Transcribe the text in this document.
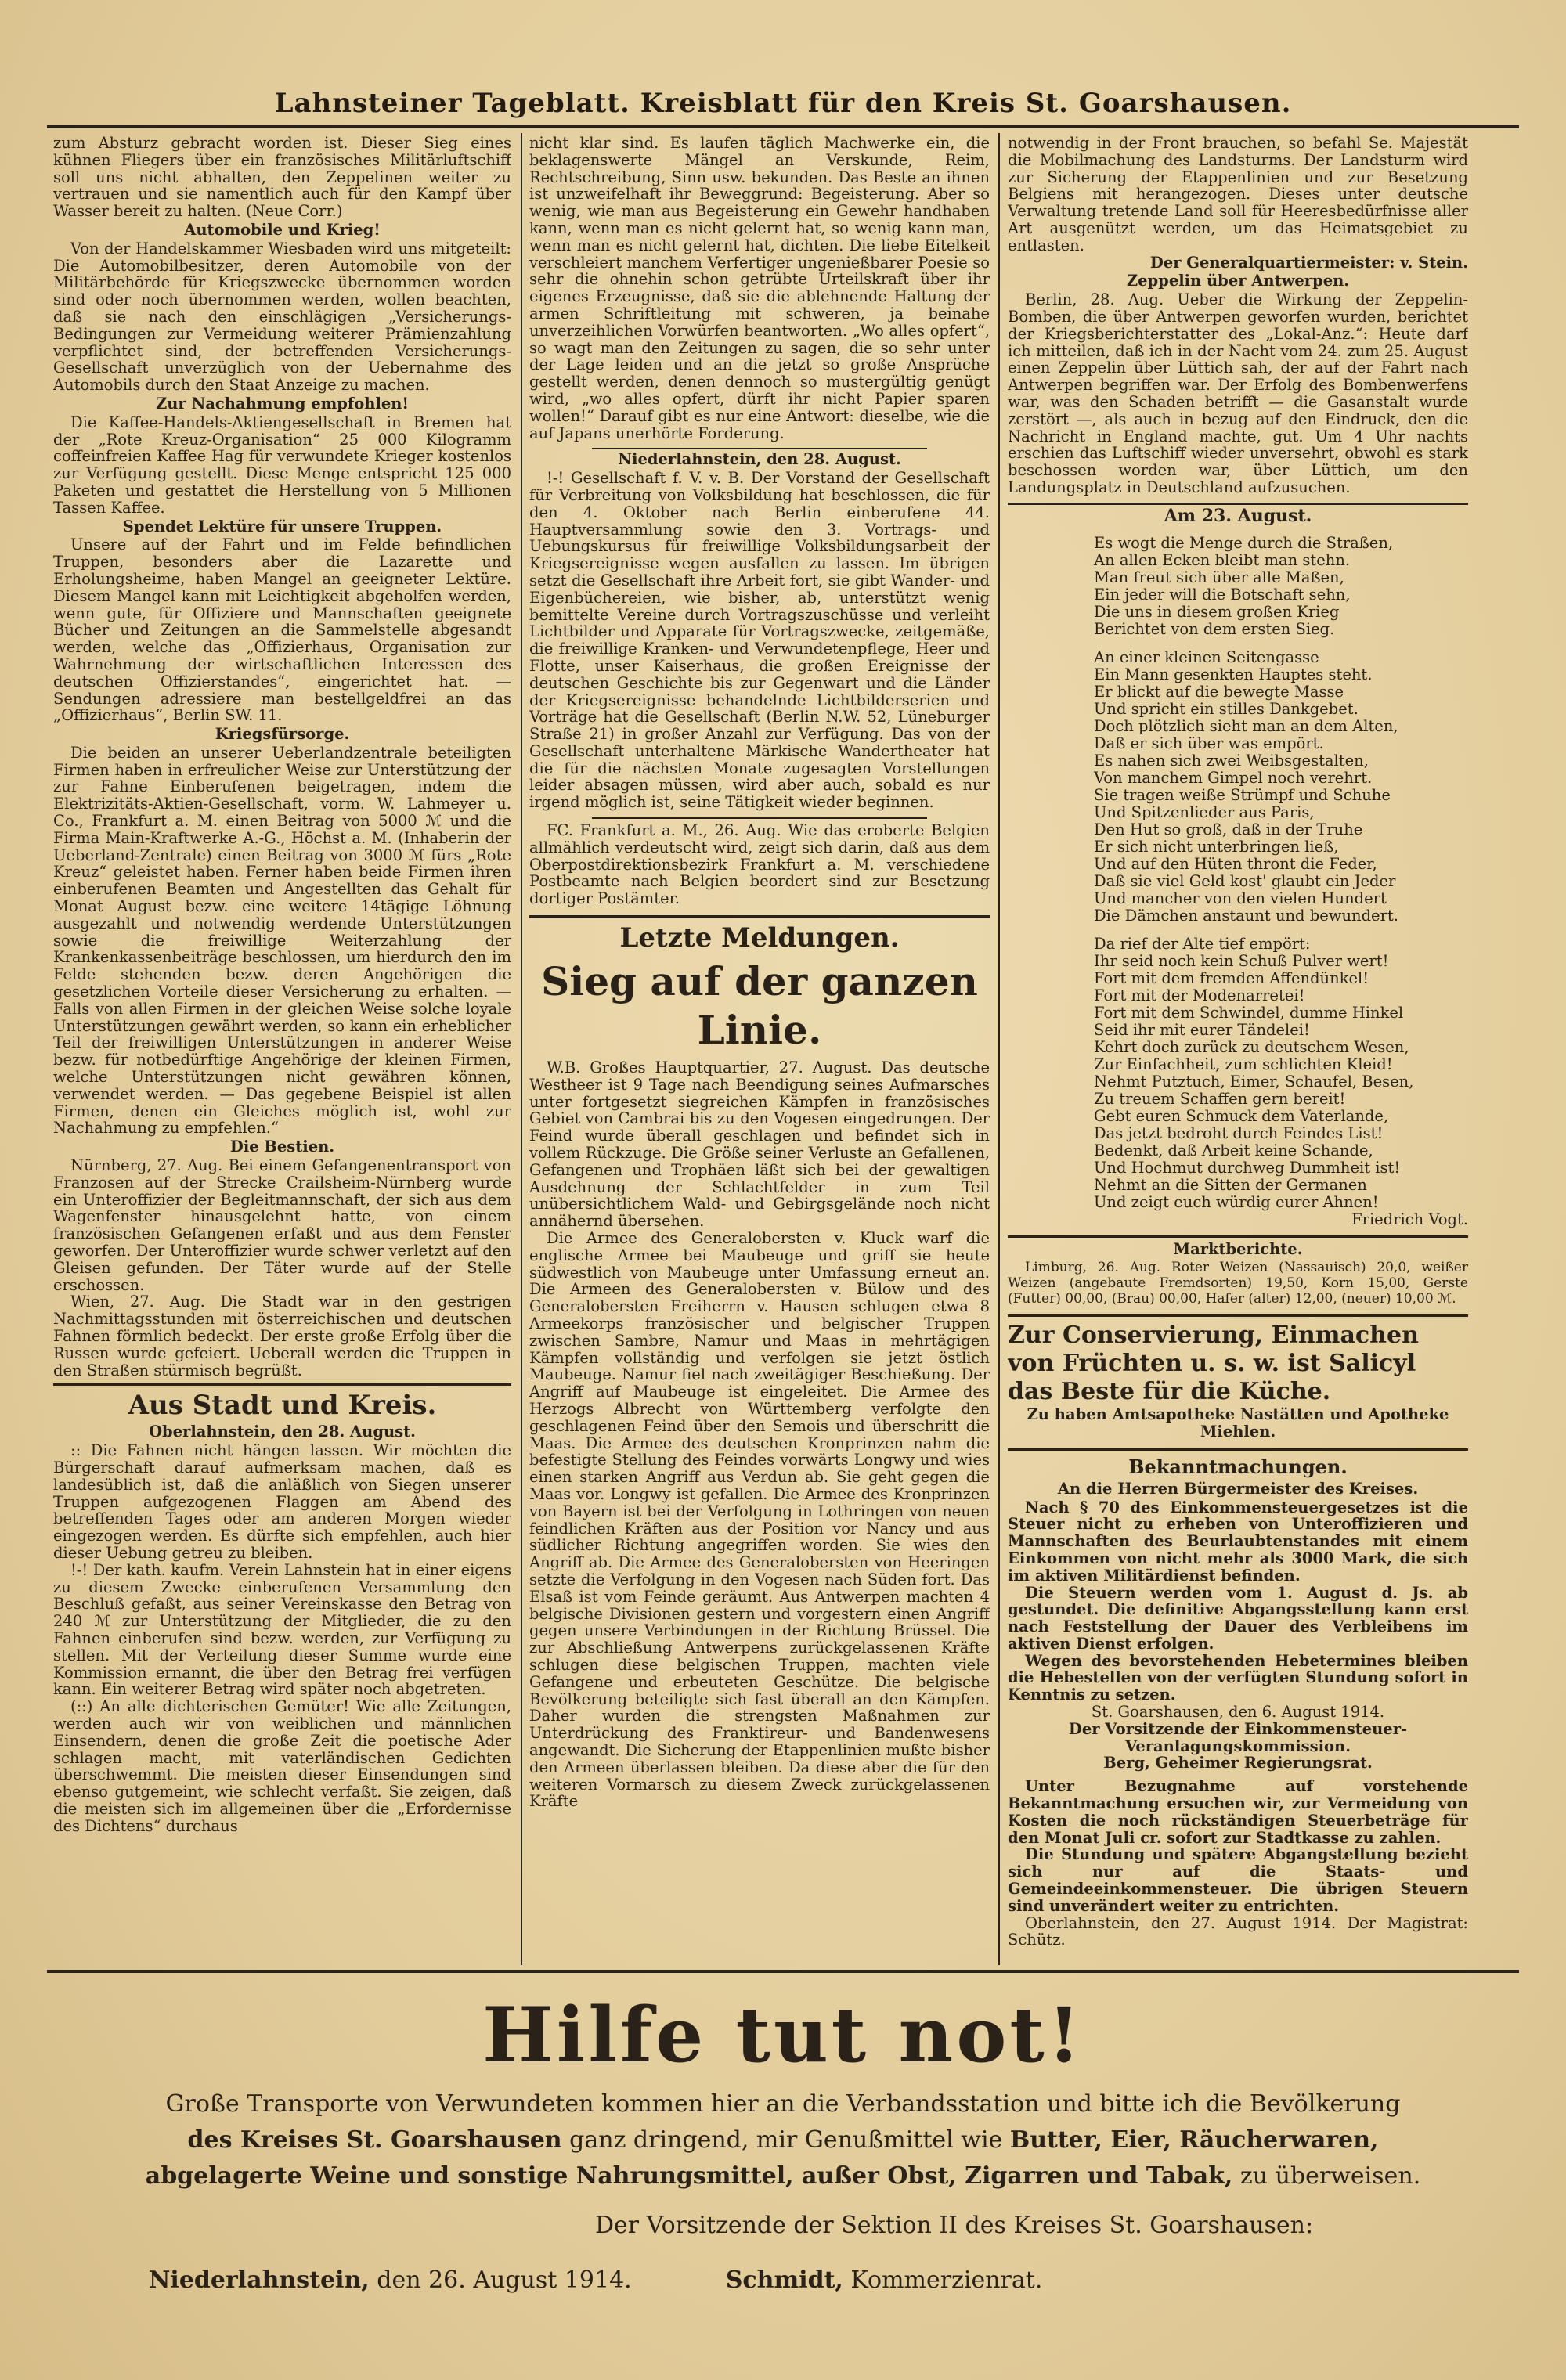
Lahnsteiner Tageblatt. Kreisblatt für den Kreis St. Goarshausen.

zum Absturz gebracht worden ist. Dieser Sieg eines kühnen Fliegers über ein französisches Militärluftschiff soll uns nicht abhalten, den Zeppelinen weiter zu vertrauen und sie namentlich auch für den Kampf über Wasser bereit zu halten. (Neue Corr.)

Automobile und Krieg!

Von der Handelskammer Wiesbaden wird uns mitgeteilt: Die Automobilbesitzer, deren Automobile von der Militärbehörde für Kriegszwecke übernommen worden sind oder noch übernommen werden, wollen beachten, daß sie nach den einschlägigen „Versicherungs-Bedingungen zur Vermeidung weiterer Prämienzahlung verpflichtet sind, der betreffenden Versicherungs-Gesellschaft unverzüglich von der Uebernahme des Automobils durch den Staat Anzeige zu machen.

Zur Nachahmung empfohlen!

Die Kaffee-Handels-Aktiengesellschaft in Bremen hat der „Rote Kreuz-Organisation“ 25 000 Kilogramm coffeinfreien Kaffee Hag für verwundete Krieger kostenlos zur Verfügung gestellt. Diese Menge entspricht 125 000 Paketen und gestattet die Herstellung von 5 Millionen Tassen Kaffee.

Spendet Lektüre für unsere Truppen.

Unsere auf der Fahrt und im Felde befindlichen Truppen, besonders aber die Lazarette und Erholungsheime, haben Mangel an geeigneter Lektüre. Diesem Mangel kann mit Leichtigkeit abgeholfen werden, wenn gute, für Offiziere und Mannschaften geeignete Bücher und Zeitungen an die Sammelstelle abgesandt werden, welche das „Offizierhaus, Organisation zur Wahrnehmung der wirtschaftlichen Interessen des deutschen Offizierstandes“, eingerichtet hat. — Sendungen adressiere man bestellgeldfrei an das „Offizierhaus“, Berlin SW. 11.

Kriegsfürsorge.

Die beiden an unserer Ueberlandzentrale beteiligten Firmen haben in erfreulicher Weise zur Unterstützung der zur Fahne Einberufenen beigetragen, indem die Elektrizitäts-Aktien-Gesellschaft, vorm. W. Lahmeyer u. Co., Frankfurt a. M. einen Beitrag von 5000 ℳ und die Firma Main-Kraftwerke A.-G., Höchst a. M. (Inhaberin der Ueberland-Zentrale) einen Beitrag von 3000 ℳ fürs „Rote Kreuz“ geleistet haben. Ferner haben beide Firmen ihren einberufenen Beamten und Angestellten das Gehalt für Monat August bezw. eine weitere 14tägige Löhnung ausgezahlt und notwendig werdende Unterstützungen sowie die freiwillige Weiterzahlung der Krankenkassenbeiträge beschlossen, um hierdurch den im Felde stehenden bezw. deren Angehörigen die gesetzlichen Vorteile dieser Versicherung zu erhalten. — Falls von allen Firmen in der gleichen Weise solche loyale Unterstützungen gewährt werden, so kann ein erheblicher Teil der freiwilligen Unterstützungen in anderer Weise bezw. für notbedürftige Angehörige der kleinen Firmen, welche Unterstützungen nicht gewähren können, verwendet werden. — Das gegebene Beispiel ist allen Firmen, denen ein Gleiches möglich ist, wohl zur Nachahmung zu empfehlen.“

Die Bestien.

Nürnberg, 27. Aug. Bei einem Gefangenentransport von Franzosen auf der Strecke Crailsheim-Nürnberg wurde ein Unteroffizier der Begleitmannschaft, der sich aus dem Wagenfenster hinausgelehnt hatte, von einem französischen Gefangenen erfaßt und aus dem Fenster geworfen. Der Unteroffizier wurde schwer verletzt auf den Gleisen gefunden. Der Täter wurde auf der Stelle erschossen.

Wien, 27. Aug. Die Stadt war in den gestrigen Nachmittagsstunden mit österreichischen und deutschen Fahnen förmlich bedeckt. Der erste große Erfolg über die Russen wurde gefeiert. Ueberall werden die Truppen in den Straßen stürmisch begrüßt.

Aus Stadt und Kreis.

Oberlahnstein, den 28. August.

:: Die Fahnen nicht hängen lassen. Wir möchten die Bürgerschaft darauf aufmerksam machen, daß es landesüblich ist, daß die anläßlich von Siegen unserer Truppen aufgezogenen Flaggen am Abend des betreffenden Tages oder am anderen Morgen wieder eingezogen werden. Es dürfte sich empfehlen, auch hier dieser Uebung getreu zu bleiben.

!-! Der kath. kaufm. Verein Lahnstein hat in einer eigens zu diesem Zwecke einberufenen Versammlung den Beschluß gefaßt, aus seiner Vereinskasse den Betrag von 240 ℳ zur Unterstützung der Mitglieder, die zu den Fahnen einberufen sind bezw. werden, zur Verfügung zu stellen. Mit der Verteilung dieser Summe wurde eine Kommission ernannt, die über den Betrag frei verfügen kann. Ein weiterer Betrag wird später noch abgetreten.

(::) An alle dichterischen Gemüter! Wie alle Zeitungen, werden auch wir von weiblichen und männlichen Einsendern, denen die große Zeit die poetische Ader schlagen macht, mit vaterländischen Gedichten überschwemmt. Die meisten dieser Einsendungen sind ebenso gutgemeint, wie schlecht verfaßt. Sie zeigen, daß die meisten sich im allgemeinen über die „Erfordernisse des Dichtens“ durchaus

nicht klar sind. Es laufen täglich Machwerke ein, die beklagenswerte Mängel an Verskunde, Reim, Rechtschreibung, Sinn usw. bekunden. Das Beste an ihnen ist unzweifelhaft ihr Beweggrund: Begeisterung. Aber so wenig, wie man aus Begeisterung ein Gewehr handhaben kann, wenn man es nicht gelernt hat, so wenig kann man, wenn man es nicht gelernt hat, dichten. Die liebe Eitelkeit verschleiert manchem Verfertiger ungenießbarer Poesie so sehr die ohnehin schon getrübte Urteilskraft über ihr eigenes Erzeugnisse, daß sie die ablehnende Haltung der armen Schriftleitung mit schweren, ja beinahe unverzeihlichen Vorwürfen beantworten. „Wo alles opfert“, so wagt man den Zeitungen zu sagen, die so sehr unter der Lage leiden und an die jetzt so große Ansprüche gestellt werden, denen dennoch so mustergültig genügt wird, „wo alles opfert, dürft ihr nicht Papier sparen wollen!“ Darauf gibt es nur eine Antwort: dieselbe, wie die auf Japans unerhörte Forderung.

Niederlahnstein, den 28. August.

!-! Gesellschaft f. V. v. B. Der Vorstand der Gesellschaft für Verbreitung von Volksbildung hat beschlossen, die für den 4. Oktober nach Berlin einberufene 44. Hauptversammlung sowie den 3. Vortrags- und Uebungskursus für freiwillige Volksbildungsarbeit der Kriegsereignisse wegen ausfallen zu lassen. Im übrigen setzt die Gesellschaft ihre Arbeit fort, sie gibt Wander- und Eigenbüchereien, wie bisher, ab, unterstützt wenig bemittelte Vereine durch Vortragszuschüsse und verleiht Lichtbilder und Apparate für Vortragszwecke, zeitgemäße, die freiwillige Kranken- und Verwundetenpflege, Heer und Flotte, unser Kaiserhaus, die großen Ereignisse der deutschen Geschichte bis zur Gegenwart und die Länder der Kriegsereignisse behandelnde Lichtbilderserien und Vorträge hat die Gesellschaft (Berlin N.W. 52, Lüneburger Straße 21) in großer Anzahl zur Verfügung. Das von der Gesellschaft unterhaltene Märkische Wandertheater hat die für die nächsten Monate zugesagten Vorstellungen leider absagen müssen, wird aber auch, sobald es nur irgend möglich ist, seine Tätigkeit wieder beginnen.

FC. Frankfurt a. M., 26. Aug. Wie das eroberte Belgien allmählich verdeutscht wird, zeigt sich darin, daß aus dem Oberpostdirektionsbezirk Frankfurt a. M. verschiedene Postbeamte nach Belgien beordert sind zur Besetzung dortiger Postämter.

Letzte Meldungen.

Sieg auf der ganzen Linie.

W.B. Großes Hauptquartier, 27. August. Das deutsche Westheer ist 9 Tage nach Beendigung seines Aufmarsches unter fortgesetzt siegreichen Kämpfen in französisches Gebiet von Cambrai bis zu den Vogesen eingedrungen. Der Feind wurde überall geschlagen und befindet sich in vollem Rückzuge. Die Größe seiner Verluste an Gefallenen, Gefangenen und Trophäen läßt sich bei der gewaltigen Ausdehnung der Schlachtfelder in zum Teil unübersichtlichem Wald- und Gebirgsgelände noch nicht annähernd übersehen.

Die Armee des Generalobersten v. Kluck warf die englische Armee bei Maubeuge und griff sie heute südwestlich von Maubeuge unter Umfassung erneut an. Die Armeen des Generalobersten v. Bülow und des Generalobersten Freiherrn v. Hausen schlugen etwa 8 Armeekorps französischer und belgischer Truppen zwischen Sambre, Namur und Maas in mehrtägigen Kämpfen vollständig und verfolgen sie jetzt östlich Maubeuge. Namur fiel nach zweitägiger Beschießung. Der Angriff auf Maubeuge ist eingeleitet. Die Armee des Herzogs Albrecht von Württemberg verfolgte den geschlagenen Feind über den Semois und überschritt die Maas. Die Armee des deutschen Kronprinzen nahm die befestigte Stellung des Feindes vorwärts Longwy und wies einen starken Angriff aus Verdun ab. Sie geht gegen die Maas vor. Longwy ist gefallen. Die Armee des Kronprinzen von Bayern ist bei der Verfolgung in Lothringen von neuen feindlichen Kräften aus der Position vor Nancy und aus südlicher Richtung angegriffen worden. Sie wies den Angriff ab. Die Armee des Generalobersten von Heeringen setzte die Verfolgung in den Vogesen nach Süden fort. Das Elsaß ist vom Feinde geräumt. Aus Antwerpen machten 4 belgische Divisionen gestern und vorgestern einen Angriff gegen unsere Verbindungen in der Richtung Brüssel. Die zur Abschließung Antwerpens zurückgelassenen Kräfte schlugen diese belgischen Truppen, machten viele Gefangene und erbeuteten Geschütze. Die belgische Bevölkerung beteiligte sich fast überall an den Kämpfen. Daher wurden die strengsten Maßnahmen zur Unterdrückung des Franktireur- und Bandenwesens angewandt. Die Sicherung der Etappenlinien mußte bisher den Armeen überlassen bleiben. Da diese aber die für den weiteren Vormarsch zu diesem Zweck zurückgelassenen Kräfte

notwendig in der Front brauchen, so befahl Se. Majestät die Mobilmachung des Landsturms. Der Landsturm wird zur Sicherung der Etappenlinien und zur Besetzung Belgiens mit herangezogen. Dieses unter deutsche Verwaltung tretende Land soll für Heeresbedürfnisse aller Art ausgenützt werden, um das Heimatsgebiet zu entlasten.

Der Generalquartiermeister: v. Stein.

Zeppelin über Antwerpen.

Berlin, 28. Aug. Ueber die Wirkung der Zeppelin-Bomben, die über Antwerpen geworfen wurden, berichtet der Kriegsberichterstatter des „Lokal-Anz.“: Heute darf ich mitteilen, daß ich in der Nacht vom 24. zum 25. August einen Zeppelin über Lüttich sah, der auf der Fahrt nach Antwerpen begriffen war. Der Erfolg des Bombenwerfens war, was den Schaden betrifft — die Gasanstalt wurde zerstört —, als auch in bezug auf den Eindruck, den die Nachricht in England machte, gut. Um 4 Uhr nachts erschien das Luftschiff wieder unversehrt, obwohl es stark beschossen worden war, über Lüttich, um den Landungsplatz in Deutschland aufzusuchen.

Am 23. August.

Es wogt die Menge durch die Straßen,

An allen Ecken bleibt man stehn.

Man freut sich über alle Maßen,

Ein jeder will die Botschaft sehn,

Die uns in diesem großen Krieg

Berichtet von dem ersten Sieg.

An einer kleinen Seitengasse

Ein Mann gesenkten Hauptes steht.

Er blickt auf die bewegte Masse

Und spricht ein stilles Dankgebet.

Doch plötzlich sieht man an dem Alten,

Daß er sich über was empört.

Es nahen sich zwei Weibsgestalten,

Von manchem Gimpel noch verehrt.

Sie tragen weiße Strümpf und Schuhe

Und Spitzenlieder aus Paris,

Den Hut so groß, daß in der Truhe

Er sich nicht unterbringen ließ,

Und auf den Hüten thront die Feder,

Daß sie viel Geld kost' glaubt ein Jeder

Und mancher von den vielen Hundert

Die Dämchen anstaunt und bewundert.

Da rief der Alte tief empört:

Ihr seid noch kein Schuß Pulver wert!

Fort mit dem fremden Affendünkel!

Fort mit der Modenarretei!

Fort mit dem Schwindel, dumme Hinkel

Seid ihr mit eurer Tändelei!

Kehrt doch zurück zu deutschem Wesen,

Zur Einfachheit, zum schlichten Kleid!

Nehmt Putztuch, Eimer, Schaufel, Besen,

Zu treuem Schaffen gern bereit!

Gebt euren Schmuck dem Vaterlande,

Das jetzt bedroht durch Feindes List!

Bedenkt, daß Arbeit keine Schande,

Und Hochmut durchweg Dummheit ist!

Nehmt an die Sitten der Germanen

Und zeigt euch würdig eurer Ahnen!

Friedrich Vogt.

Marktberichte.

Limburg, 26. Aug. Roter Weizen (Nassauisch) 20,0, weißer Weizen (angebaute Fremdsorten) 19,50, Korn 15,00, Gerste (Futter) 00,00, (Brau) 00,00, Hafer (alter) 12,00, (neuer) 10,00 ℳ.

Zur Conservierung, Einmachen von Früchten u. s. w. ist Salicyl das Beste für die Küche.

Zu haben Amtsapotheke Nastätten und Apotheke Miehlen.

Bekanntmachungen.

An die Herren Bürgermeister des Kreises.

Nach § 70 des Einkommensteuergesetzes ist die Steuer nicht zu erheben von Unteroffizieren und Mannschaften des Beurlaubtenstandes mit einem Einkommen von nicht mehr als 3000 Mark, die sich im aktiven Militärdienst befinden.

Die Steuern werden vom 1. August d. Js. ab gestundet. Die definitive Abgangsstellung kann erst nach Feststellung der Dauer des Verbleibens im aktiven Dienst erfolgen.

Wegen des bevorstehenden Hebetermines bleiben die Hebestellen von der verfügten Stundung sofort in Kenntnis zu setzen.

St. Goarshausen, den 6. August 1914.

Der Vorsitzende der Einkommensteuer-Veranlagungskommission.

Berg, Geheimer Regierungsrat.

Unter Bezugnahme auf vorstehende Bekanntmachung ersuchen wir, zur Vermeidung von Kosten die noch rückständigen Steuerbeträge für den Monat Juli cr. sofort zur Stadtkasse zu zahlen.

Die Stundung und spätere Abgangstellung bezieht sich nur auf die Staats- und Gemeindeeinkommensteuer. Die übrigen Steuern sind unverändert weiter zu entrichten.

Oberlahnstein, den 27. August 1914. Der Magistrat: Schütz.

Hilfe tut not!
Große Transporte von Verwundeten kommen hier an die Verbandsstation und bitte ich die Bevölkerung
des Kreises St. Goarshausen ganz dringend, mir Genußmittel wie Butter, Eier, Räucherwaren,
abgelagerte Weine und sonstige Nahrungsmittel, außer Obst, Zigarren und Tabak, zu überweisen.
Der Vorsitzende der Sektion II des Kreises St. Goarshausen:
Niederlahnstein, den 26. August 1914.	Schmidt, Kommerzienrat.
